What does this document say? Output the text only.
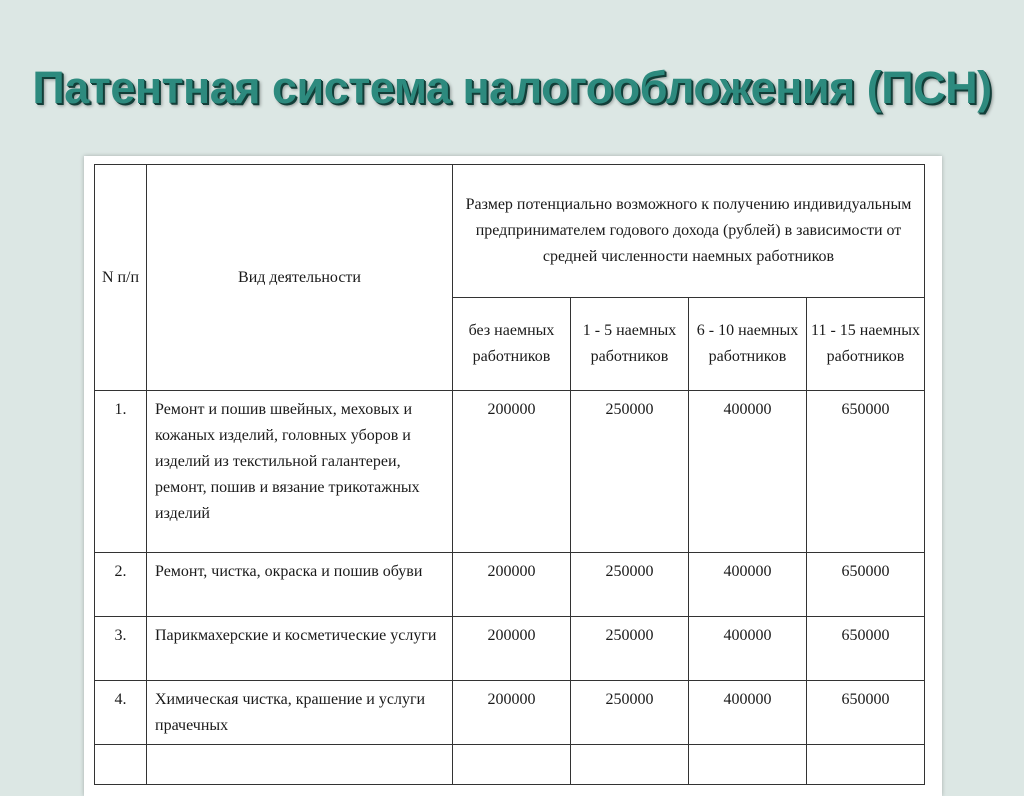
Патентная система налогообложения (ПСН)
N п/п	Вид деятельности	Размер потенциально возможного к получению индивидуальным предпринимателем годового дохода (рублей) в зависимости от средней численности наемных работников			
		без наемных работников	1 - 5 наемных работников	6 - 10 наемных работников	11 - 15 наемных работников
1.	Ремонт и пошив швейных, меховых и кожаных изделий, головных уборов и изделий из текстильной галантереи, ремонт, пошив и вязание трикотажных изделий	200000	250000	400000	650000
2.	Ремонт, чистка, окраска и пошив обуви	200000	250000	400000	650000
3.	Парикмахерские и косметические услуги	200000	250000	400000	650000
4.	Химическая чистка, крашение и услуги прачечных	200000	250000	400000	650000
